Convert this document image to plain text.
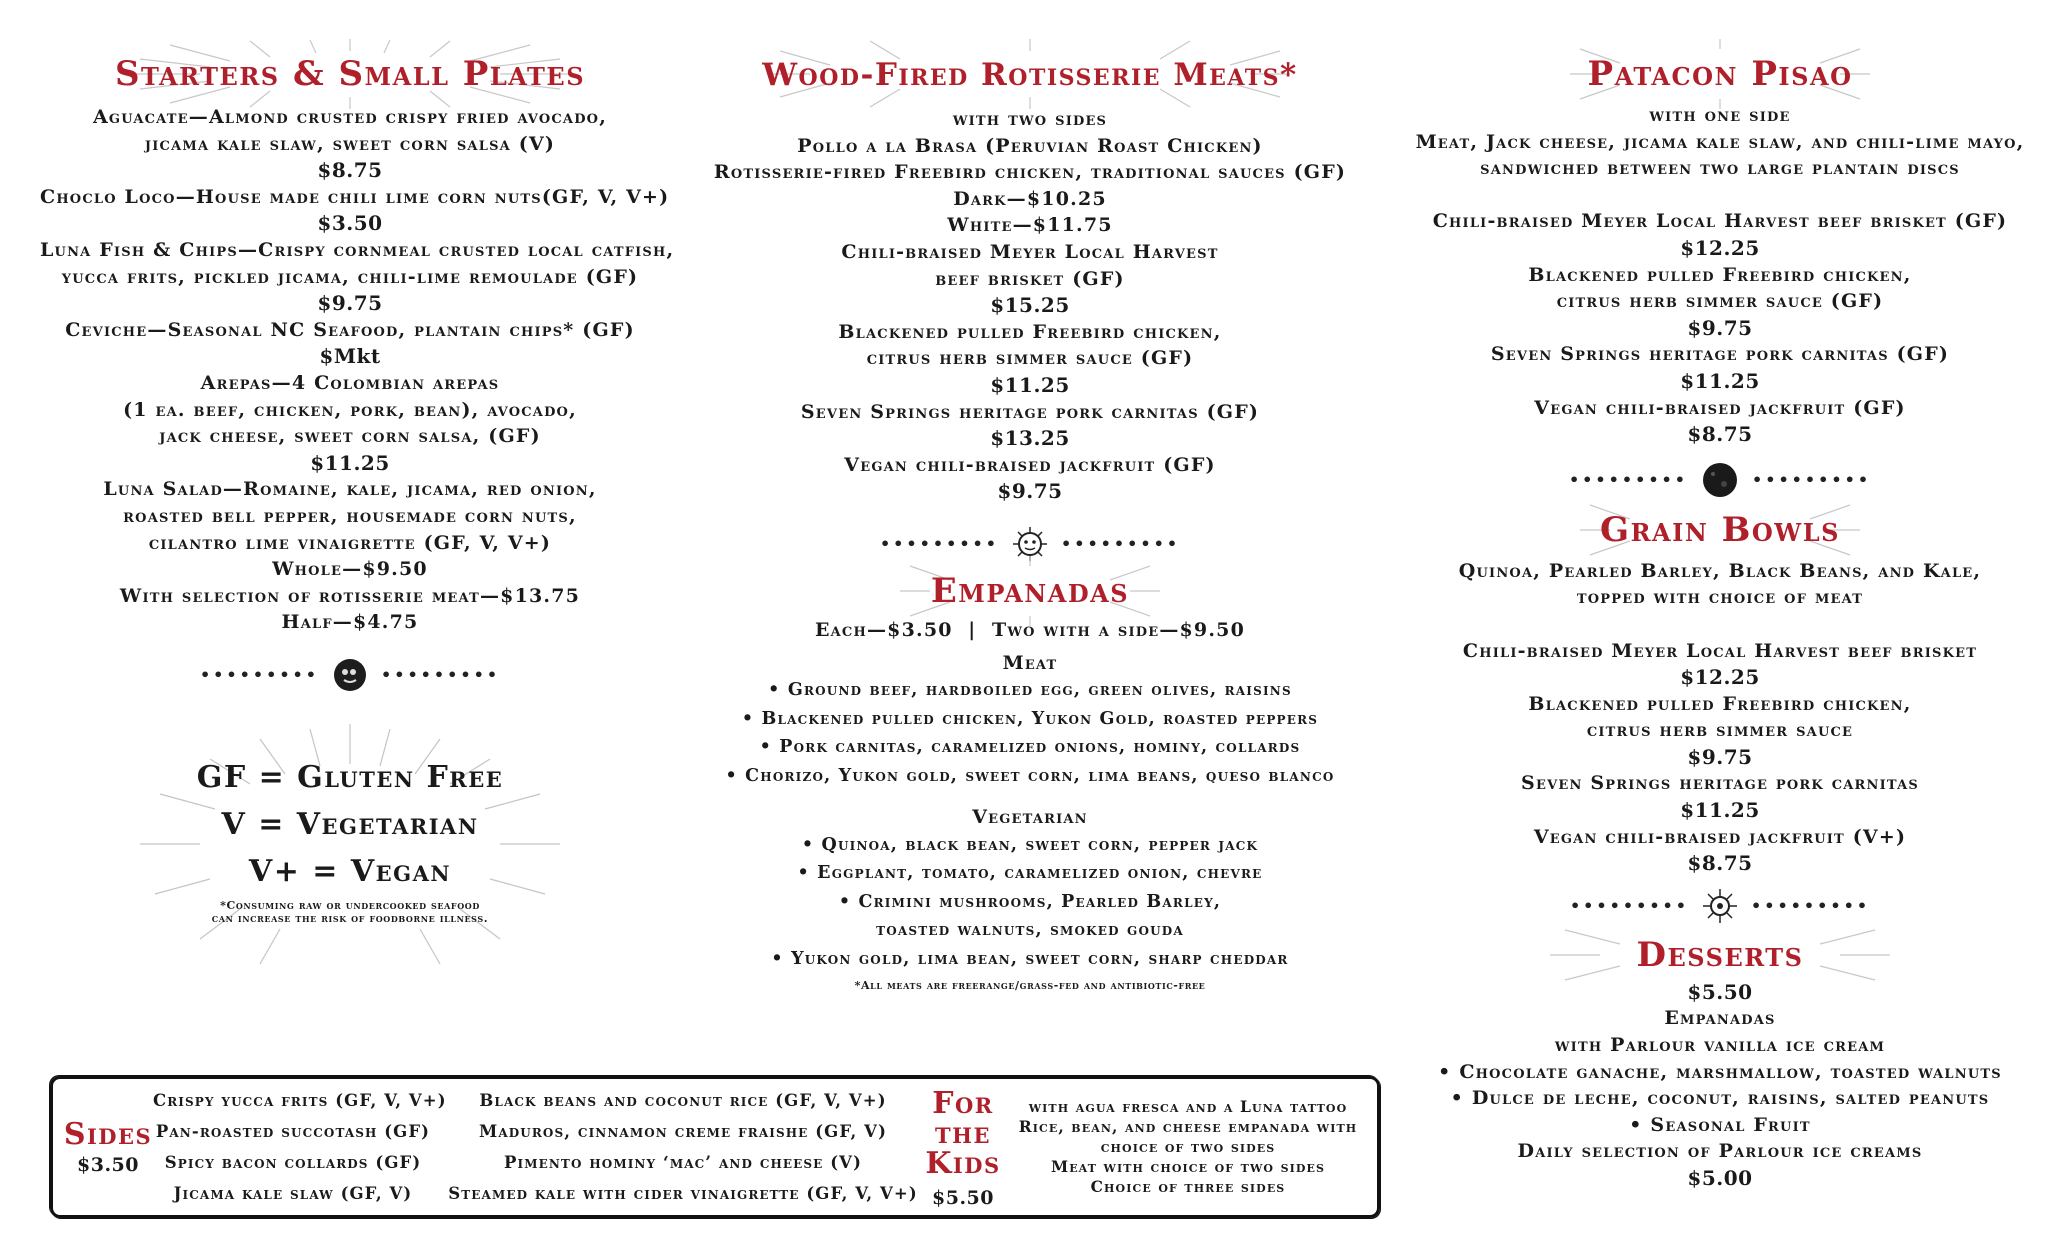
Starters & Small Plates
Aguacate—Almond crusted crispy fried avocado,
jicama kale slaw, sweet corn salsa (V)
$8.75
Choclo Loco—House made chili lime corn nuts(GF, V, V+)
$3.50
Luna Fish & Chips—Crispy cornmeal crusted local catfish,
yucca frits, pickled jicama, chili-lime remoulade (GF)
$9.75
Ceviche—Seasonal NC Seafood, plantain chips* (GF)
$Mkt
Arepas—4 Colombian arepas
(1 ea. beef, chicken, pork, bean), avocado,
jack cheese, sweet corn salsa, (GF)
$11.25
Luna Salad—Romaine, kale, jicama, red onion,
roasted bell pepper, housemade corn nuts,
cilantro lime vinaigrette (GF, V, V+)
Whole—$9.50
With selection of rotisserie meat—$13.75
Half—$4.75
•••••••••	•••••••••
GF = Gluten Free
V = Vegetarian
V+ = Vegan
*Consuming raw or undercooked seafood
can increase the risk of foodborne illness.
Wood-Fired Rotisserie Meats*
with two sides
Pollo a la Brasa (Peruvian Roast Chicken)
Rotisserie-fired Freebird chicken, traditional sauces (GF)
Dark—$10.25
White—$11.75
Chili-braised Meyer Local Harvest
beef brisket (GF)
$15.25
Blackened pulled Freebird chicken,
citrus herb simmer sauce (GF)
$11.25
Seven Springs heritage pork carnitas (GF)
$13.25
Vegan chili-braised jackfruit (GF)
$9.75
•••••••••	•••••••••
Empanadas
Each—$3.50  |  Two with a side—$9.50
Meat
• Ground beef, hardboiled egg, green olives, raisins
• Blackened pulled chicken, Yukon Gold, roasted peppers
• Pork carnitas, caramelized onions, hominy, collards
• Chorizo, Yukon gold, sweet corn, lima beans, queso blanco
Vegetarian
• Quinoa, black bean, sweet corn, pepper jack
• Eggplant, tomato, caramelized onion, chevre
• Crimini mushrooms, Pearled Barley,
toasted walnuts, smoked gouda
• Yukon gold, lima bean, sweet corn, sharp cheddar
*All meats are freerange/grass-fed and antibiotic-free
Patacon Pisao
with one side
Meat, Jack cheese, jicama kale slaw, and chili-lime mayo,
sandwiched between two large plantain discs
Chili-braised Meyer Local Harvest beef brisket (GF)
$12.25
Blackened pulled Freebird chicken,
citrus herb simmer sauce (GF)
$9.75
Seven Springs heritage pork carnitas (GF)
$11.25
Vegan chili-braised jackfruit (GF)
$8.75
•••••••••	•••••••••
Grain Bowls
Quinoa, Pearled Barley, Black Beans, and Kale,
topped with choice of meat
Chili-braised Meyer Local Harvest beef brisket
$12.25
Blackened pulled Freebird chicken,
citrus herb simmer sauce
$9.75
Seven Springs heritage pork carnitas
$11.25
Vegan chili-braised jackfruit (V+)
$8.75
•••••••••	•••••••••
Desserts
$5.50
Empanadas
with Parlour vanilla ice cream
• Chocolate ganache, marshmallow, toasted walnuts
• Dulce de leche, coconut, raisins, salted peanuts
• Seasonal Fruit
Daily selection of Parlour ice creams
$5.00
Sides
$3.50
Crispy yucca frits (GF, V, V+)
Pan-roasted succotash (GF)
Spicy bacon collards (GF)
Jicama kale slaw (GF, V)
Black beans and coconut rice (GF, V, V+)
Maduros, cinnamon creme fraishe (GF, V)
Pimento hominy ‘mac’ and cheese (V)
Steamed kale with cider vinaigrette (GF, V, V+)
For
the
Kids
$5.50
with agua fresca and a Luna tattoo
Rice, bean, and cheese empanada with
choice of two sides
Meat with choice of two sides
Choice of three sides
